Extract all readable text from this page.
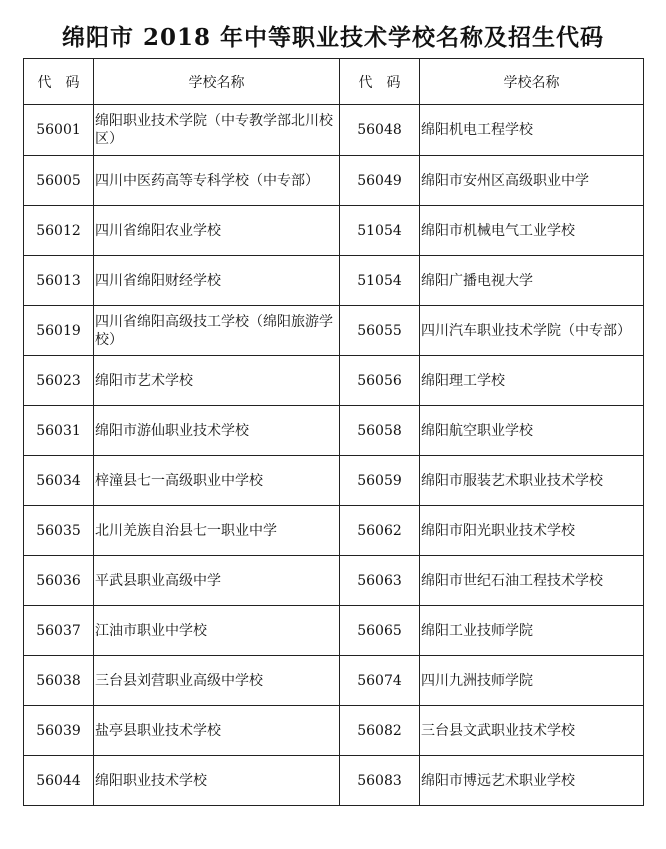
绵阳市 2018 年中等职业技术学校名称及招生代码
代　码	学校名称	代　码	学校名称
56001	绵阳职业技术学院（中专教学部北川校区）	56048	绵阳机电工程学校
56005	四川中医药高等专科学校（中专部）	56049	绵阳市安州区高级职业中学
56012	四川省绵阳农业学校	51054	绵阳市机械电气工业学校
56013	四川省绵阳财经学校	51054	绵阳广播电视大学
56019	四川省绵阳高级技工学校（绵阳旅游学校）	56055	四川汽车职业技术学院（中专部）
56023	绵阳市艺术学校	56056	绵阳理工学校
56031	绵阳市游仙职业技术学校	56058	绵阳航空职业学校
56034	梓潼县七一高级职业中学校	56059	绵阳市服装艺术职业技术学校
56035	北川羌族自治县七一职业中学	56062	绵阳市阳光职业技术学校
56036	平武县职业高级中学	56063	绵阳市世纪石油工程技术学校
56037	江油市职业中学校	56065	绵阳工业技师学院
56038	三台县刘营职业高级中学校	56074	四川九洲技师学院
56039	盐亭县职业技术学校	56082	三台县文武职业技术学校
56044	绵阳职业技术学校	56083	绵阳市博远艺术职业学校
